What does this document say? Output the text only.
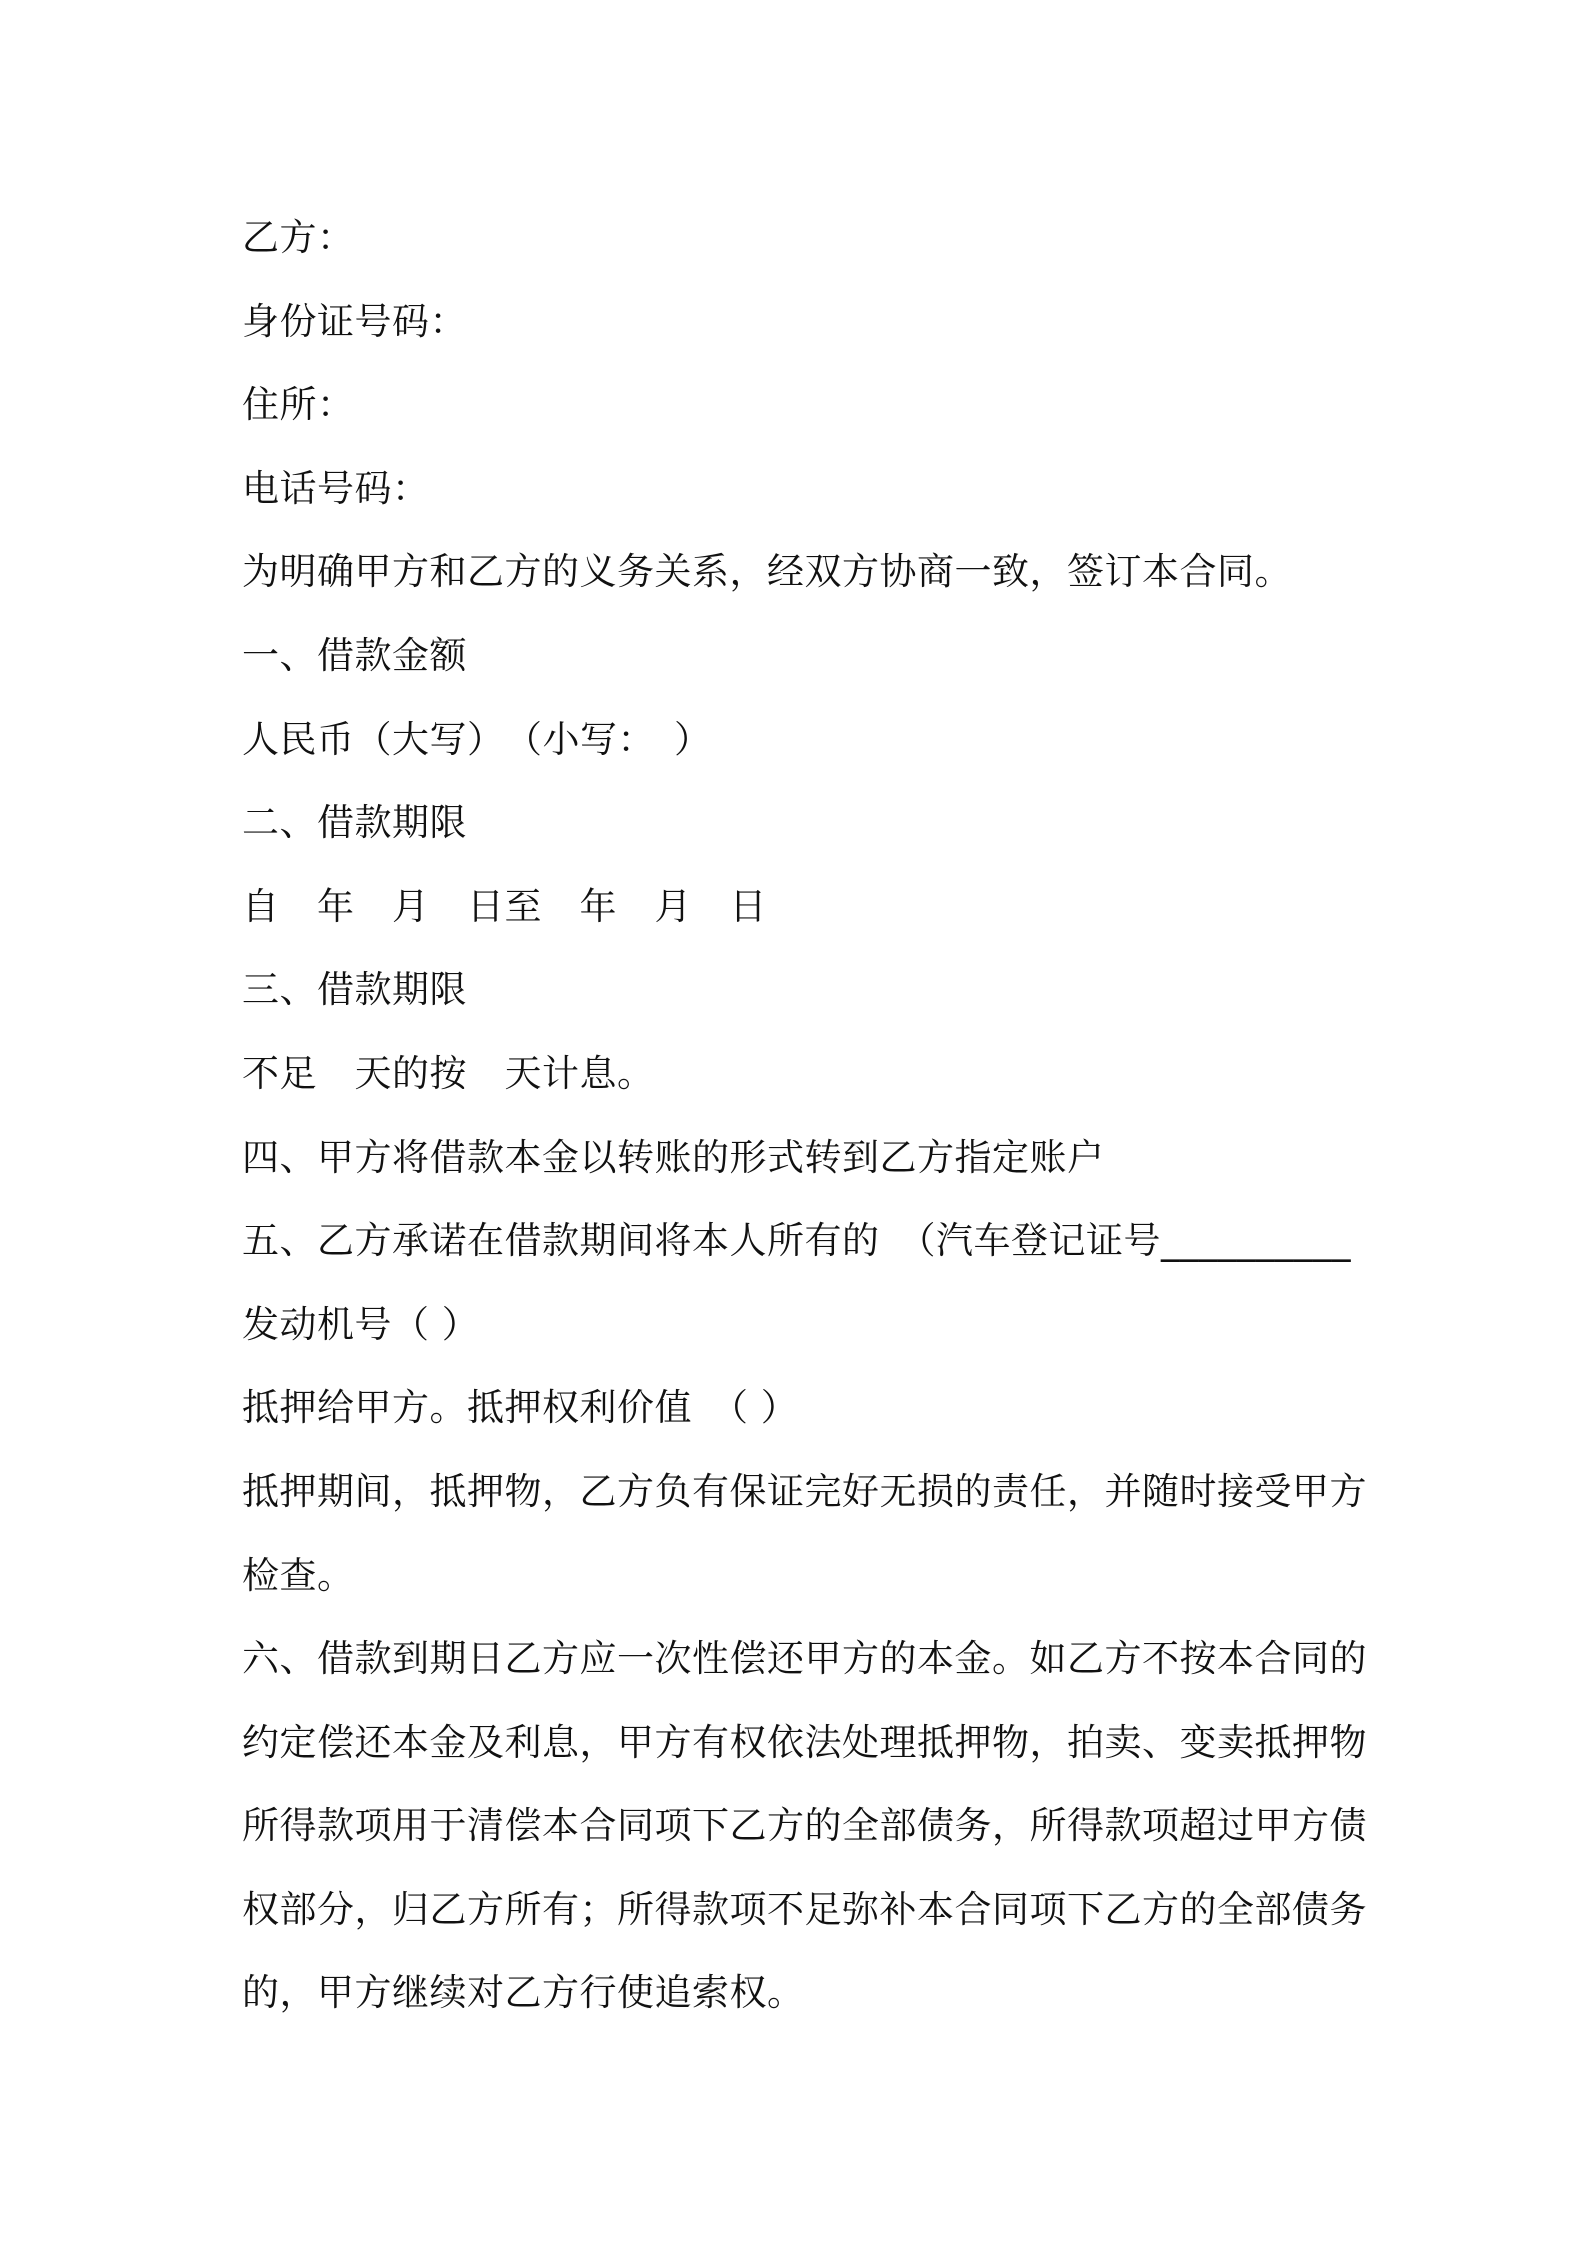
乙方：

身份证号码：

住所：

电话号码：

为明确甲方和乙方的义务关系，经双方协商一致，签订本合同。

一、借款金额

人民币（大写）　（小写：　）

二、借款期限

自　年　月　日至　年　月　日

三、借款期限

不足　天的按　天计息。

四、甲方将借款本金以转账的形式转到乙方指定账户

五、乙方承诺在借款期间将本人所有的　（汽车登记证号__________

发动机号（ ）

抵押给甲方。抵押权利价值　（ ）

抵押期间，抵押物，乙方负有保证完好无损的责任，并随时接受甲方

检查。

六、借款到期日乙方应一次性偿还甲方的本金。如乙方不按本合同的

约定偿还本金及利息，甲方有权依法处理抵押物，拍卖、变卖抵押物

所得款项用于清偿本合同项下乙方的全部债务，所得款项超过甲方债

权部分，归乙方所有；所得款项不足弥补本合同项下乙方的全部债务

的，甲方继续对乙方行使追索权。
